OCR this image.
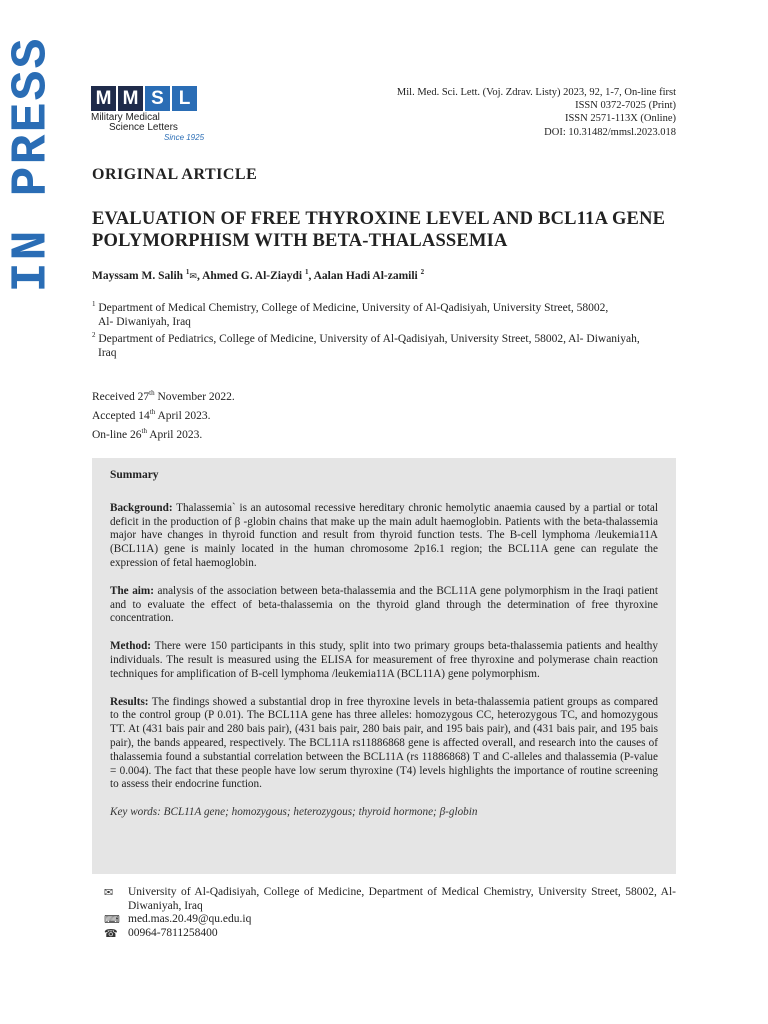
IN PRESS M M S L
Military Medical
Science Letters
Since 1925
Mil. Med. Sci. Lett. (Voj. Zdrav. Listy) 2023, 92, 1-7, On-line first
ISSN 0372-7025 (Print)
ISSN 2571-113X (Online)
DOI: 10.31482/mmsl.2023.018
ORIGINAL ARTICLE
EVALUATION OF FREE THYROXINE LEVEL AND BCL11A GENE POLYMORPHISM WITH BETA-THALASSEMIA
Mayssam M. Salih $^1$✉, Ahmed G. Al-Ziaydi $^1$, Aalan Hadi Al-zamili $^2$
$^1$ Department of Medical Chemistry, College of Medicine, University of Al-Qadisiyah, University Street, 58002,
Al- Diwaniyah, Iraq
$^2$ Department of Pediatrics, College of Medicine, University of Al-Qadisiyah, University Street, 58002, Al- Diwaniyah,
Iraq
Received 27th November 2022.
Accepted 14th April 2023.
On-line 26th April 2023.
Summary

Background: Thalassemia` is an autosomal recessive hereditary chronic hemolytic anaemia caused by a partial or total deficit in the production of β -globin chains that make up the main adult haemoglobin. Patients with the beta-thalassemia major have changes in thyroid function and result from thyroid function tests. The B-cell lymphoma /leukemia11A (BCL11A) gene is mainly located in the human chromosome 2p16.1 region; the BCL11A gene can regulate the expression of fetal haemoglobin.

The aim: analysis of the association between beta-thalassemia and the BCL11A gene polymorphism in the Iraqi patient and to evaluate the effect of beta-thalassemia on the thyroid gland through the determination of free thyroxine concentration.

Method: There were 150 participants in this study, split into two primary groups beta-thalassemia patients and healthy individuals. The result is measured using the ELISA for measurement of free thyroxine and polymerase chain reaction techniques for amplification of B-cell lymphoma /leukemia11A (BCL11A) gene polymorphism.

Results: The findings showed a substantial drop in free thyroxine levels in beta-thalassemia patient groups as compared to the control group (P 0.01). The BCL11A gene has three alleles: homozygous CC, heterozygous TC, and homozygous TT. At (431 bais pair and 280 bais pair), (431 bais pair, 280 bais pair, and 195 bais pair), and (431 bais pair, and 195 bais pair), the bands appeared, respectively. The BCL11A rs11886868 gene is affected overall, and research into the causes of thalassemia found a substantial correlation between the BCL11A (rs 11886868) T and C-alleles and thalassemia (P-value = 0.004). The fact that these people have low serum thyroxine (T4) levels highlights the importance of routine screening to assess their endocrine function.

Key words: BCL11A gene; homozygous; heterozygous; thyroid hormone; β-globin

✉	University of Al-Qadisiyah, College of Medicine, Department of Medical Chemistry, University Street, 58002, Al- Diwaniyah, Iraq
⌨ med.mas.20.49@qu.edu.iq
☎ 00964-7811258400
